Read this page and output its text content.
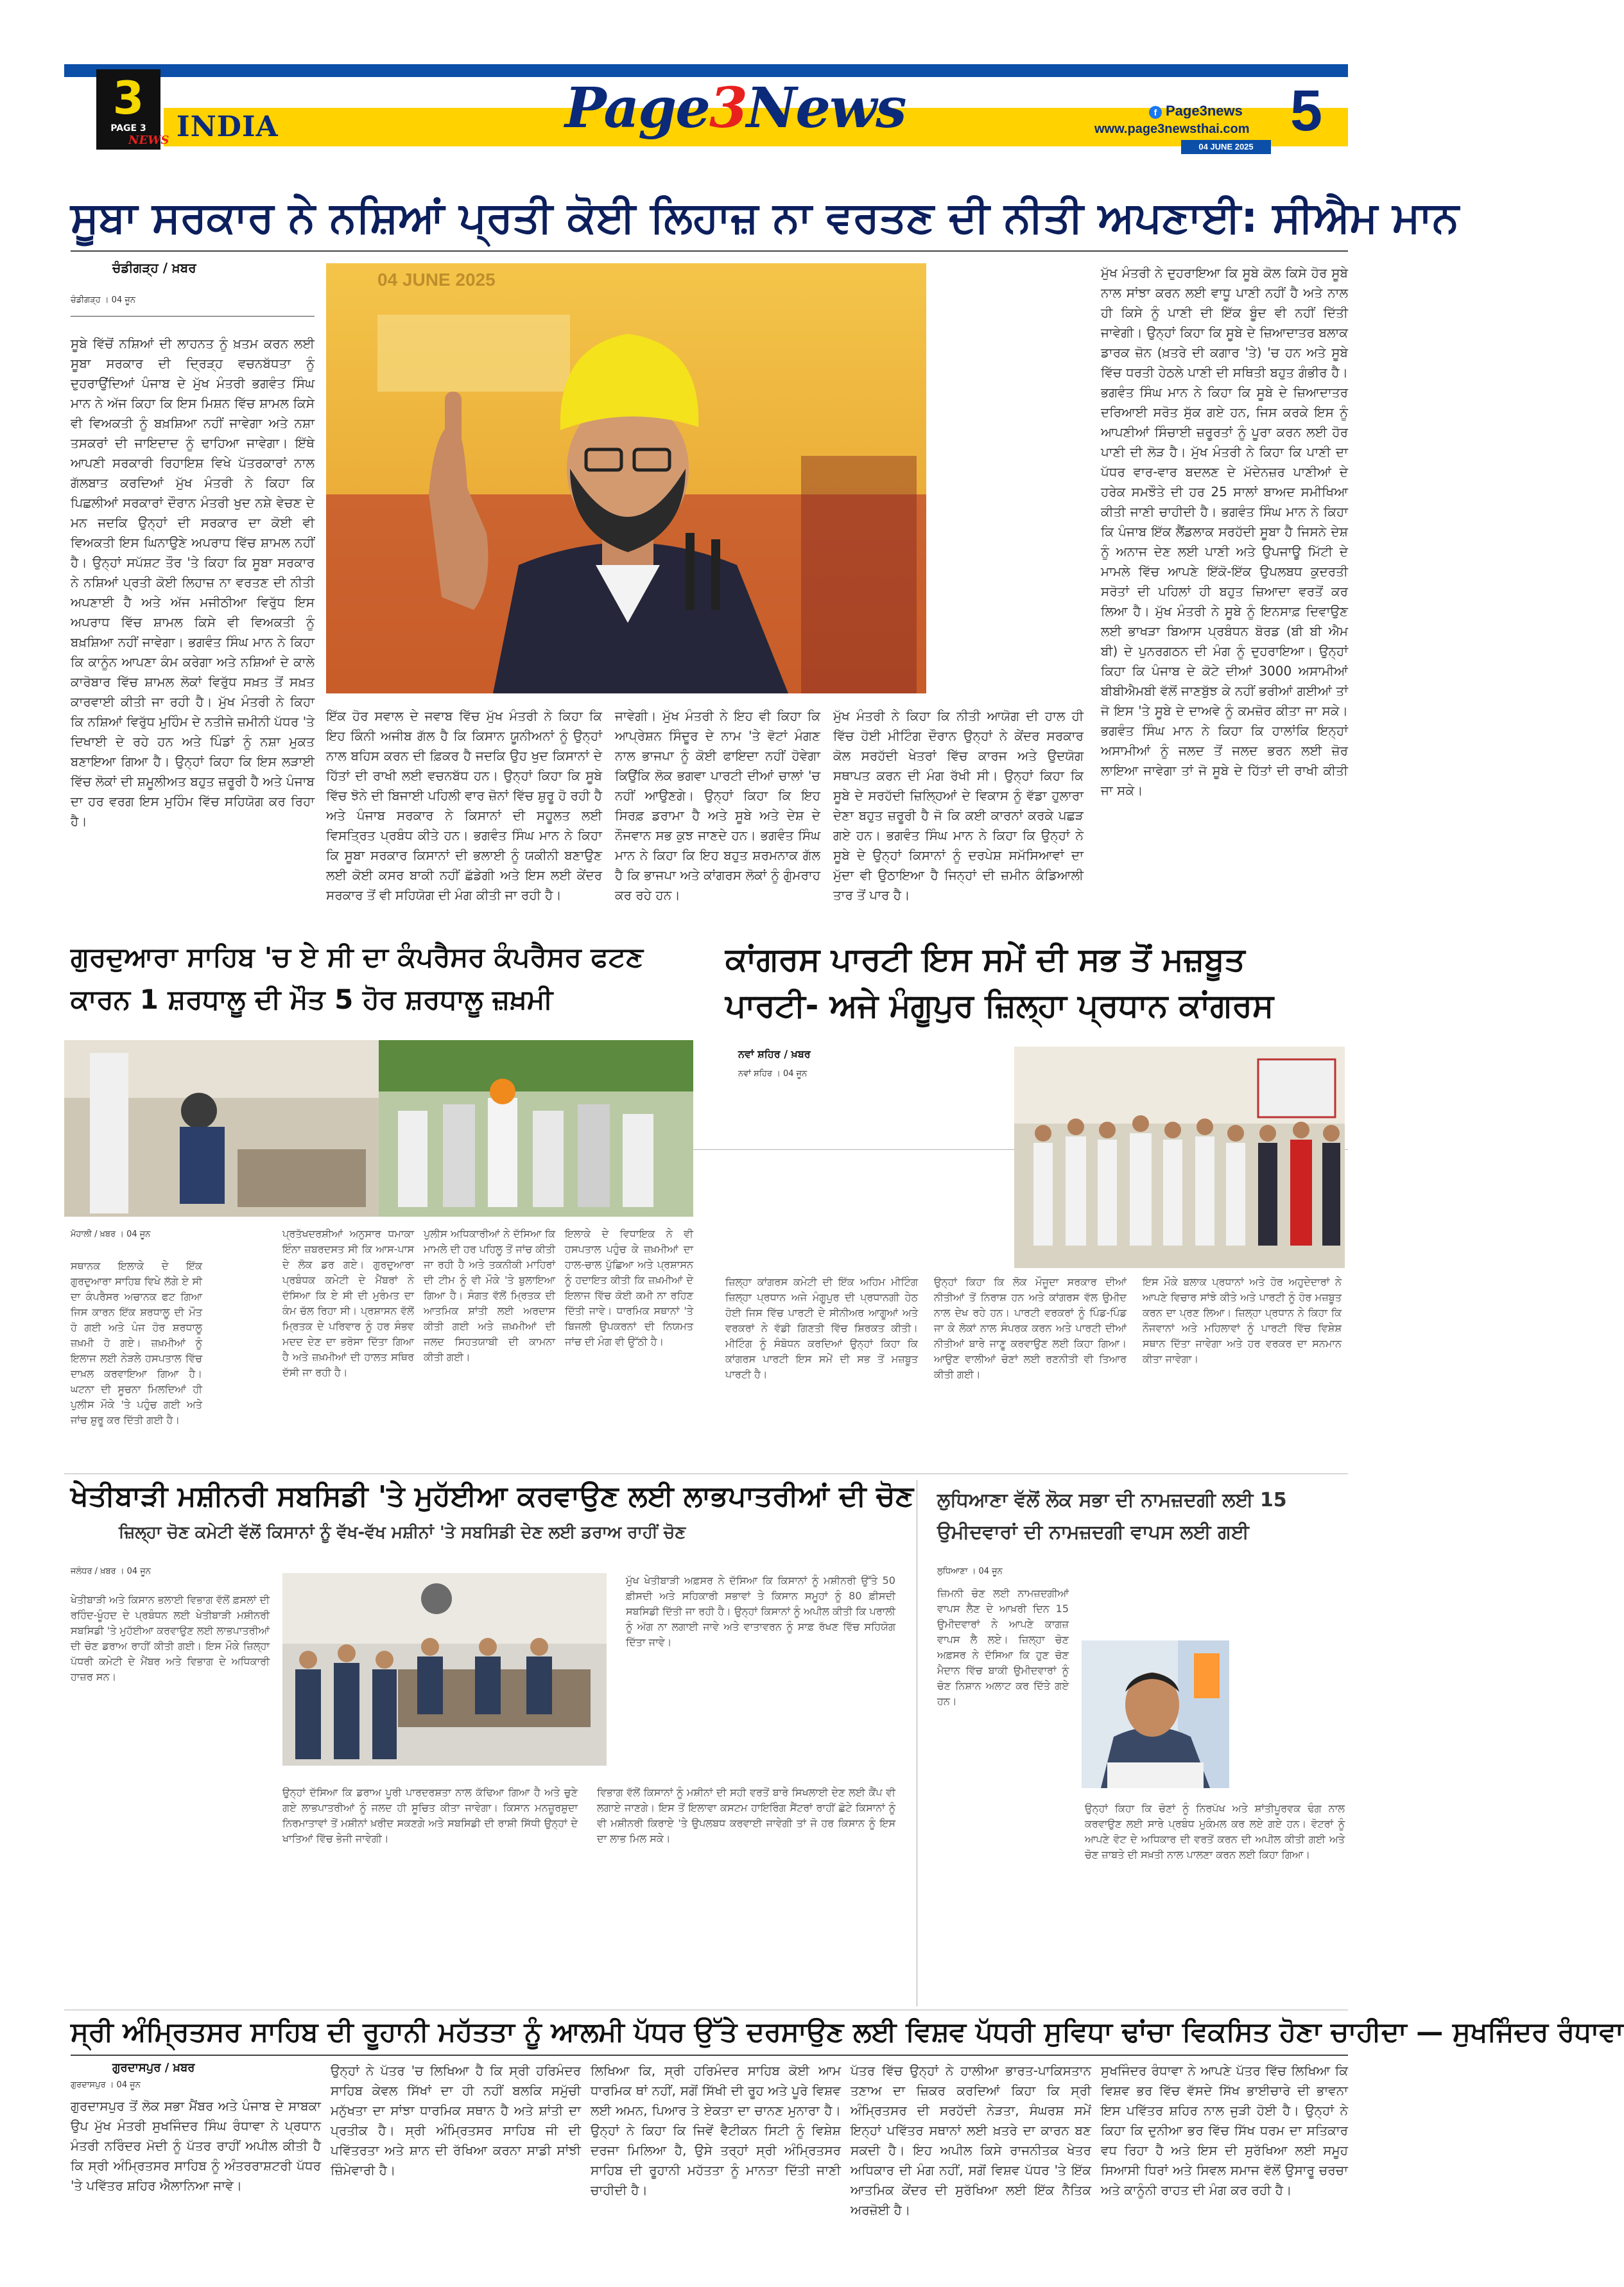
3
PAGE 3
NEWS INDIA	Page3News	f Page3news
www.page3newsthai.com 5
04 JUNE 2025
ਸੂਬਾ ਸਰਕਾਰ ਨੇ ਨਸ਼ਿਆਂ ਪ੍ਰਤੀ ਕੋਈ ਲਿਹਾਜ਼ ਨਾ ਵਰਤਣ ਦੀ ਨੀਤੀ ਅਪਣਾਈ: ਸੀਐਮ ਮਾਨ
ਚੰਡੀਗੜ੍ਹ / ਖ਼ਬਰ
ਚੰਡੀਗੜ੍ਹ । 04 ਜੂਨ
04 JUNE 2025
ਸੂਬੇ ਵਿੱਚੋਂ ਨਸ਼ਿਆਂ ਦੀ ਲਾਹਨਤ ਨੂੰ ਖ਼ਤਮ ਕਰਨ ਲਈ ਸੂਬਾ ਸਰਕਾਰ ਦੀ ਦ੍ਰਿੜ੍ਹ ਵਚਨਬੱਧਤਾ ਨੂੰ ਦੁਹਰਾਉਂਦਿਆਂ ਪੰਜਾਬ ਦੇ ਮੁੱਖ ਮੰਤਰੀ ਭਗਵੰਤ ਸਿੰਘ ਮਾਨ ਨੇ ਅੱਜ ਕਿਹਾ ਕਿ ਇਸ ਮਿਸ਼ਨ ਵਿੱਚ ਸ਼ਾਮਲ ਕਿਸੇ ਵੀ ਵਿਅਕਤੀ ਨੂੰ ਬਖ਼ਸ਼ਿਆ ਨਹੀਂ ਜਾਵੇਗਾ ਅਤੇ ਨਸ਼ਾ ਤਸਕਰਾਂ ਦੀ ਜਾਇਦਾਦ ਨੂੰ ਢਾਹਿਆ ਜਾਵੇਗਾ। ਇੱਥੇ ਆਪਣੀ ਸਰਕਾਰੀ ਰਿਹਾਇਸ਼ ਵਿਖੇ ਪੱਤਰਕਾਰਾਂ ਨਾਲ ਗੱਲਬਾਤ ਕਰਦਿਆਂ ਮੁੱਖ ਮੰਤਰੀ ਨੇ ਕਿਹਾ ਕਿ ਪਿਛਲੀਆਂ ਸਰਕਾਰਾਂ ਦੌਰਾਨ ਮੰਤਰੀ ਖੁਦ ਨਸ਼ੇ ਵੇਚਣ ਦੇ ਮਨ ਜਦਕਿ ਉਨ੍ਹਾਂ ਦੀ ਸਰਕਾਰ ਦਾ ਕੋਈ ਵੀ ਵਿਅਕਤੀ ਇਸ ਘਿਨਾਉਣੇ ਅਪਰਾਧ ਵਿੱਚ ਸ਼ਾਮਲ ਨਹੀਂ ਹੈ। ਉਨ੍ਹਾਂ ਸਪੱਸ਼ਟ ਤੌਰ 'ਤੇ ਕਿਹਾ ਕਿ ਸੂਬਾ ਸਰਕਾਰ ਨੇ ਨਸ਼ਿਆਂ ਪ੍ਰਤੀ ਕੋਈ ਲਿਹਾਜ਼ ਨਾ ਵਰਤਣ ਦੀ ਨੀਤੀ ਅਪਣਾਈ ਹੈ ਅਤੇ ਅੱਜ ਮਜੀਠੀਆ ਵਿਰੁੱਧ ਇਸ ਅਪਰਾਧ ਵਿੱਚ ਸ਼ਾਮਲ ਕਿਸੇ ਵੀ ਵਿਅਕਤੀ ਨੂੰ ਬਖ਼ਸ਼ਿਆ ਨਹੀਂ ਜਾਵੇਗਾ। ਭਗਵੰਤ ਸਿੰਘ ਮਾਨ ਨੇ ਕਿਹਾ ਕਿ ਕਾਨੂੰਨ ਆਪਣਾ ਕੰਮ ਕਰੇਗਾ ਅਤੇ ਨਸ਼ਿਆਂ ਦੇ ਕਾਲੇ ਕਾਰੋਬਾਰ ਵਿੱਚ ਸ਼ਾਮਲ ਲੋਕਾਂ ਵਿਰੁੱਧ ਸਖ਼ਤ ਤੋਂ ਸਖ਼ਤ ਕਾਰਵਾਈ ਕੀਤੀ ਜਾ ਰਹੀ ਹੈ। ਮੁੱਖ ਮੰਤਰੀ ਨੇ ਕਿਹਾ ਕਿ ਨਸ਼ਿਆਂ ਵਿਰੁੱਧ ਮੁਹਿੰਮ ਦੇ ਨਤੀਜੇ ਜ਼ਮੀਨੀ ਪੱਧਰ 'ਤੇ ਦਿਖਾਈ ਦੇ ਰਹੇ ਹਨ ਅਤੇ ਪਿੰਡਾਂ ਨੂੰ ਨਸ਼ਾ ਮੁਕਤ ਬਣਾਇਆ ਗਿਆ ਹੈ। ਉਨ੍ਹਾਂ ਕਿਹਾ ਕਿ ਇਸ ਲੜਾਈ ਵਿੱਚ ਲੋਕਾਂ ਦੀ ਸ਼ਮੂਲੀਅਤ ਬਹੁਤ ਜ਼ਰੂਰੀ ਹੈ ਅਤੇ ਪੰਜਾਬ ਦਾ ਹਰ ਵਰਗ ਇਸ ਮੁਹਿੰਮ ਵਿੱਚ ਸਹਿਯੋਗ ਕਰ ਰਿਹਾ ਹੈ।
ਇੱਕ ਹੋਰ ਸਵਾਲ ਦੇ ਜਵਾਬ ਵਿੱਚ ਮੁੱਖ ਮੰਤਰੀ ਨੇ ਕਿਹਾ ਕਿ ਇਹ ਕਿੰਨੀ ਅਜੀਬ ਗੱਲ ਹੈ ਕਿ ਕਿਸਾਨ ਯੂਨੀਅਨਾਂ ਨੂੰ ਉਨ੍ਹਾਂ ਨਾਲ ਬਹਿਸ ਕਰਨ ਦੀ ਫ਼ਿਕਰ ਹੈ ਜਦਕਿ ਉਹ ਖੁਦ ਕਿਸਾਨਾਂ ਦੇ ਹਿੱਤਾਂ ਦੀ ਰਾਖੀ ਲਈ ਵਚਨਬੱਧ ਹਨ। ਉਨ੍ਹਾਂ ਕਿਹਾ ਕਿ ਸੂਬੇ ਵਿੱਚ ਝੋਨੇ ਦੀ ਬਿਜਾਈ ਪਹਿਲੀ ਵਾਰ ਜ਼ੋਨਾਂ ਵਿੱਚ ਸ਼ੁਰੂ ਹੋ ਰਹੀ ਹੈ ਅਤੇ ਪੰਜਾਬ ਸਰਕਾਰ ਨੇ ਕਿਸਾਨਾਂ ਦੀ ਸਹੂਲਤ ਲਈ ਵਿਸਤ੍ਰਿਤ ਪ੍ਰਬੰਧ ਕੀਤੇ ਹਨ। ਭਗਵੰਤ ਸਿੰਘ ਮਾਨ ਨੇ ਕਿਹਾ ਕਿ ਸੂਬਾ ਸਰਕਾਰ ਕਿਸਾਨਾਂ ਦੀ ਭਲਾਈ ਨੂੰ ਯਕੀਨੀ ਬਣਾਉਣ ਲਈ ਕੋਈ ਕਸਰ ਬਾਕੀ ਨਹੀਂ ਛੱਡੇਗੀ ਅਤੇ ਇਸ ਲਈ ਕੇਂਦਰ ਸਰਕਾਰ ਤੋਂ ਵੀ ਸਹਿਯੋਗ ਦੀ ਮੰਗ ਕੀਤੀ ਜਾ ਰਹੀ ਹੈ।
ਜਾਵੇਗੀ। ਮੁੱਖ ਮੰਤਰੀ ਨੇ ਇਹ ਵੀ ਕਿਹਾ ਕਿ ਆਪ੍ਰੇਸ਼ਨ ਸਿੰਦੂਰ ਦੇ ਨਾਮ 'ਤੇ ਵੋਟਾਂ ਮੰਗਣ ਨਾਲ ਭਾਜਪਾ ਨੂੰ ਕੋਈ ਫਾਇਦਾ ਨਹੀਂ ਹੋਵੇਗਾ ਕਿਉਂਕਿ ਲੋਕ ਭਗਵਾ ਪਾਰਟੀ ਦੀਆਂ ਚਾਲਾਂ 'ਚ ਨਹੀਂ ਆਉਣਗੇ। ਉਨ੍ਹਾਂ ਕਿਹਾ ਕਿ ਇਹ ਸਿਰਫ਼ ਡਰਾਮਾ ਹੈ ਅਤੇ ਸੂਬੇ ਅਤੇ ਦੇਸ਼ ਦੇ ਨੌਜਵਾਨ ਸਭ ਕੁਝ ਜਾਣਦੇ ਹਨ। ਭਗਵੰਤ ਸਿੰਘ ਮਾਨ ਨੇ ਕਿਹਾ ਕਿ ਇਹ ਬਹੁਤ ਸ਼ਰਮਨਾਕ ਗੱਲ ਹੈ ਕਿ ਭਾਜਪਾ ਅਤੇ ਕਾਂਗਰਸ ਲੋਕਾਂ ਨੂੰ ਗੁੰਮਰਾਹ ਕਰ ਰਹੇ ਹਨ।
ਮੁੱਖ ਮੰਤਰੀ ਨੇ ਕਿਹਾ ਕਿ ਨੀਤੀ ਆਯੋਗ ਦੀ ਹਾਲ ਹੀ ਵਿੱਚ ਹੋਈ ਮੀਟਿੰਗ ਦੌਰਾਨ ਉਨ੍ਹਾਂ ਨੇ ਕੇਂਦਰ ਸਰਕਾਰ ਕੋਲ ਸਰਹੱਦੀ ਖੇਤਰਾਂ ਵਿੱਚ ਕਾਰਜ ਅਤੇ ਉਦਯੋਗ ਸਥਾਪਤ ਕਰਨ ਦੀ ਮੰਗ ਰੱਖੀ ਸੀ। ਉਨ੍ਹਾਂ ਕਿਹਾ ਕਿ ਸੂਬੇ ਦੇ ਸਰਹੱਦੀ ਜ਼ਿਲ੍ਹਿਆਂ ਦੇ ਵਿਕਾਸ ਨੂੰ ਵੱਡਾ ਹੁਲਾਰਾ ਦੇਣਾ ਬਹੁਤ ਜ਼ਰੂਰੀ ਹੈ ਜੋ ਕਿ ਕਈ ਕਾਰਨਾਂ ਕਰਕੇ ਪਛੜ ਗਏ ਹਨ। ਭਗਵੰਤ ਸਿੰਘ ਮਾਨ ਨੇ ਕਿਹਾ ਕਿ ਉਨ੍ਹਾਂ ਨੇ ਸੂਬੇ ਦੇ ਉਨ੍ਹਾਂ ਕਿਸਾਨਾਂ ਨੂੰ ਦਰਪੇਸ਼ ਸਮੱਸਿਆਵਾਂ ਦਾ ਮੁੱਦਾ ਵੀ ਉਠਾਇਆ ਹੈ ਜਿਨ੍ਹਾਂ ਦੀ ਜ਼ਮੀਨ ਕੰਡਿਆਲੀ ਤਾਰ ਤੋਂ ਪਾਰ ਹੈ।
ਮੁੱਖ ਮੰਤਰੀ ਨੇ ਦੁਹਰਾਇਆ ਕਿ ਸੂਬੇ ਕੋਲ ਕਿਸੇ ਹੋਰ ਸੂਬੇ ਨਾਲ ਸਾਂਝਾ ਕਰਨ ਲਈ ਵਾਧੂ ਪਾਣੀ ਨਹੀਂ ਹੈ ਅਤੇ ਨਾਲ ਹੀ ਕਿਸੇ ਨੂੰ ਪਾਣੀ ਦੀ ਇੱਕ ਬੂੰਦ ਵੀ ਨਹੀਂ ਦਿੱਤੀ ਜਾਵੇਗੀ। ਉਨ੍ਹਾਂ ਕਿਹਾ ਕਿ ਸੂਬੇ ਦੇ ਜ਼ਿਆਦਾਤਰ ਬਲਾਕ ਡਾਰਕ ਜ਼ੋਨ (ਖ਼ਤਰੇ ਦੀ ਕਗਾਰ 'ਤੇ) 'ਚ ਹਨ ਅਤੇ ਸੂਬੇ ਵਿੱਚ ਧਰਤੀ ਹੇਠਲੇ ਪਾਣੀ ਦੀ ਸਥਿਤੀ ਬਹੁਤ ਗੰਭੀਰ ਹੈ। ਭਗਵੰਤ ਸਿੰਘ ਮਾਨ ਨੇ ਕਿਹਾ ਕਿ ਸੂਬੇ ਦੇ ਜ਼ਿਆਦਾਤਰ ਦਰਿਆਈ ਸਰੋਤ ਸੁੱਕ ਗਏ ਹਨ, ਜਿਸ ਕਰਕੇ ਇਸ ਨੂੰ ਆਪਣੀਆਂ ਸਿੰਚਾਈ ਜ਼ਰੂਰਤਾਂ ਨੂੰ ਪੂਰਾ ਕਰਨ ਲਈ ਹੋਰ ਪਾਣੀ ਦੀ ਲੋੜ ਹੈ। ਮੁੱਖ ਮੰਤਰੀ ਨੇ ਕਿਹਾ ਕਿ ਪਾਣੀ ਦਾ ਪੱਧਰ ਵਾਰ-ਵਾਰ ਬਦਲਣ ਦੇ ਮੱਦੇਨਜ਼ਰ ਪਾਣੀਆਂ ਦੇ ਹਰੇਕ ਸਮਝੌਤੇ ਦੀ ਹਰ 25 ਸਾਲਾਂ ਬਾਅਦ ਸਮੀਖਿਆ ਕੀਤੀ ਜਾਣੀ ਚਾਹੀਦੀ ਹੈ। ਭਗਵੰਤ ਸਿੰਘ ਮਾਨ ਨੇ ਕਿਹਾ ਕਿ ਪੰਜਾਬ ਇੱਕ ਲੈਂਡਲਾਕ ਸਰਹੱਦੀ ਸੂਬਾ ਹੈ ਜਿਸਨੇ ਦੇਸ਼ ਨੂੰ ਅਨਾਜ ਦੇਣ ਲਈ ਪਾਣੀ ਅਤੇ ਉਪਜਾਊ ਮਿੱਟੀ ਦੇ ਮਾਮਲੇ ਵਿੱਚ ਆਪਣੇ ਇੱਕੋ-ਇੱਕ ਉਪਲਬਧ ਕੁਦਰਤੀ ਸਰੋਤਾਂ ਦੀ ਪਹਿਲਾਂ ਹੀ ਬਹੁਤ ਜ਼ਿਆਦਾ ਵਰਤੋਂ ਕਰ ਲਿਆ ਹੈ। ਮੁੱਖ ਮੰਤਰੀ ਨੇ ਸੂਬੇ ਨੂੰ ਇਨਸਾਫ਼ ਦਿਵਾਉਣ ਲਈ ਭਾਖੜਾ ਬਿਆਸ ਪ੍ਰਬੰਧਨ ਬੋਰਡ (ਬੀ ਬੀ ਐਮ ਬੀ) ਦੇ ਪੁਨਰਗਠਨ ਦੀ ਮੰਗ ਨੂੰ ਦੁਹਰਾਇਆ। ਉਨ੍ਹਾਂ ਕਿਹਾ ਕਿ ਪੰਜਾਬ ਦੇ ਕੋਟੇ ਦੀਆਂ 3000 ਅਸਾਮੀਆਂ ਬੀਬੀਐਮਬੀ ਵੱਲੋਂ ਜਾਣਬੁੱਝ ਕੇ ਨਹੀਂ ਭਰੀਆਂ ਗਈਆਂ ਤਾਂ ਜੋ ਇਸ 'ਤੇ ਸੂਬੇ ਦੇ ਦਾਅਵੇ ਨੂੰ ਕਮਜ਼ੋਰ ਕੀਤਾ ਜਾ ਸਕੇ। ਭਗਵੰਤ ਸਿੰਘ ਮਾਨ ਨੇ ਕਿਹਾ ਕਿ ਹਾਲਾਂਕਿ ਇਨ੍ਹਾਂ ਅਸਾਮੀਆਂ ਨੂੰ ਜਲਦ ਤੋਂ ਜਲਦ ਭਰਨ ਲਈ ਜ਼ੋਰ ਲਾਇਆ ਜਾਵੇਗਾ ਤਾਂ ਜੋ ਸੂਬੇ ਦੇ ਹਿੱਤਾਂ ਦੀ ਰਾਖੀ ਕੀਤੀ ਜਾ ਸਕੇ।
ਗੁਰਦੁਆਰਾ ਸਾਹਿਬ 'ਚ ਏ ਸੀ ਦਾ ਕੰਪਰੈਸਰ ਕੰਪਰੈਸਰ ਫਟਣ ਕਾਰਨ 1 ਸ਼ਰਧਾਲੂ ਦੀ ਮੌਤ 5 ਹੋਰ ਸ਼ਰਧਾਲੂ ਜ਼ਖ਼ਮੀ
ਮੋਹਾਲੀ / ਖ਼ਬਰ । 04 ਜੂਨ
ਸਥਾਨਕ ਇਲਾਕੇ ਦੇ ਇੱਕ ਗੁਰਦੁਆਰਾ ਸਾਹਿਬ ਵਿਖੇ ਲੱਗੇ ਏ ਸੀ ਦਾ ਕੰਪਰੈਸਰ ਅਚਾਨਕ ਫਟ ਗਿਆ ਜਿਸ ਕਾਰਨ ਇੱਕ ਸ਼ਰਧਾਲੂ ਦੀ ਮੌਤ ਹੋ ਗਈ ਅਤੇ ਪੰਜ ਹੋਰ ਸ਼ਰਧਾਲੂ ਜ਼ਖ਼ਮੀ ਹੋ ਗਏ। ਜ਼ਖ਼ਮੀਆਂ ਨੂੰ ਇਲਾਜ ਲਈ ਨੇੜਲੇ ਹਸਪਤਾਲ ਵਿੱਚ ਦਾਖ਼ਲ ਕਰਵਾਇਆ ਗਿਆ ਹੈ। ਘਟਨਾ ਦੀ ਸੂਚਨਾ ਮਿਲਦਿਆਂ ਹੀ ਪੁਲੀਸ ਮੌਕੇ 'ਤੇ ਪਹੁੰਚ ਗਈ ਅਤੇ ਜਾਂਚ ਸ਼ੁਰੂ ਕਰ ਦਿੱਤੀ ਗਈ ਹੈ।
ਪ੍ਰਤੱਖਦਰਸ਼ੀਆਂ ਅਨੁਸਾਰ ਧਮਾਕਾ ਇੰਨਾ ਜ਼ਬਰਦਸਤ ਸੀ ਕਿ ਆਸ-ਪਾਸ ਦੇ ਲੋਕ ਡਰ ਗਏ। ਗੁਰਦੁਆਰਾ ਪ੍ਰਬੰਧਕ ਕਮੇਟੀ ਦੇ ਮੈਂਬਰਾਂ ਨੇ ਦੱਸਿਆ ਕਿ ਏ ਸੀ ਦੀ ਮੁਰੰਮਤ ਦਾ ਕੰਮ ਚੱਲ ਰਿਹਾ ਸੀ। ਪ੍ਰਸ਼ਾਸਨ ਵੱਲੋਂ ਮ੍ਰਿਤਕ ਦੇ ਪਰਿਵਾਰ ਨੂੰ ਹਰ ਸੰਭਵ ਮਦਦ ਦੇਣ ਦਾ ਭਰੋਸਾ ਦਿੱਤਾ ਗਿਆ ਹੈ ਅਤੇ ਜ਼ਖ਼ਮੀਆਂ ਦੀ ਹਾਲਤ ਸਥਿਰ ਦੱਸੀ ਜਾ ਰਹੀ ਹੈ।
ਪੁਲੀਸ ਅਧਿਕਾਰੀਆਂ ਨੇ ਦੱਸਿਆ ਕਿ ਮਾਮਲੇ ਦੀ ਹਰ ਪਹਿਲੂ ਤੋਂ ਜਾਂਚ ਕੀਤੀ ਜਾ ਰਹੀ ਹੈ ਅਤੇ ਤਕਨੀਕੀ ਮਾਹਿਰਾਂ ਦੀ ਟੀਮ ਨੂੰ ਵੀ ਮੌਕੇ 'ਤੇ ਬੁਲਾਇਆ ਗਿਆ ਹੈ। ਸੰਗਤ ਵੱਲੋਂ ਮ੍ਰਿਤਕ ਦੀ ਆਤਮਿਕ ਸ਼ਾਂਤੀ ਲਈ ਅਰਦਾਸ ਕੀਤੀ ਗਈ ਅਤੇ ਜ਼ਖ਼ਮੀਆਂ ਦੀ ਜਲਦ ਸਿਹਤਯਾਬੀ ਦੀ ਕਾਮਨਾ ਕੀਤੀ ਗਈ।
ਇਲਾਕੇ ਦੇ ਵਿਧਾਇਕ ਨੇ ਵੀ ਹਸਪਤਾਲ ਪਹੁੰਚ ਕੇ ਜ਼ਖ਼ਮੀਆਂ ਦਾ ਹਾਲ-ਚਾਲ ਪੁੱਛਿਆ ਅਤੇ ਪ੍ਰਸ਼ਾਸਨ ਨੂੰ ਹਦਾਇਤ ਕੀਤੀ ਕਿ ਜ਼ਖ਼ਮੀਆਂ ਦੇ ਇਲਾਜ ਵਿੱਚ ਕੋਈ ਕਮੀ ਨਾ ਰਹਿਣ ਦਿੱਤੀ ਜਾਵੇ। ਧਾਰਮਿਕ ਸਥਾਨਾਂ 'ਤੇ ਬਿਜਲੀ ਉਪਕਰਨਾਂ ਦੀ ਨਿਯਮਤ ਜਾਂਚ ਦੀ ਮੰਗ ਵੀ ਉੱਠੀ ਹੈ।
ਕਾਂਗਰਸ ਪਾਰਟੀ ਇਸ ਸਮੇਂ ਦੀ ਸਭ ਤੋਂ ਮਜ਼ਬੂਤ ਪਾਰਟੀ- ਅਜੇ ਮੰਗੂਪੁਰ ਜ਼ਿਲ੍ਹਾ ਪ੍ਰਧਾਨ ਕਾਂਗਰਸ
ਨਵਾਂ ਸ਼ਹਿਰ / ਖ਼ਬਰ
ਨਵਾਂ ਸ਼ਹਿਰ । 04 ਜੂਨ
ਜ਼ਿਲ੍ਹਾ ਕਾਂਗਰਸ ਕਮੇਟੀ ਦੀ ਇੱਕ ਅਹਿਮ ਮੀਟਿੰਗ ਜ਼ਿਲ੍ਹਾ ਪ੍ਰਧਾਨ ਅਜੇ ਮੰਗੂਪੁਰ ਦੀ ਪ੍ਰਧਾਨਗੀ ਹੇਠ ਹੋਈ ਜਿਸ ਵਿੱਚ ਪਾਰਟੀ ਦੇ ਸੀਨੀਅਰ ਆਗੂਆਂ ਅਤੇ ਵਰਕਰਾਂ ਨੇ ਵੱਡੀ ਗਿਣਤੀ ਵਿੱਚ ਸ਼ਿਰਕਤ ਕੀਤੀ। ਮੀਟਿੰਗ ਨੂੰ ਸੰਬੋਧਨ ਕਰਦਿਆਂ ਉਨ੍ਹਾਂ ਕਿਹਾ ਕਿ ਕਾਂਗਰਸ ਪਾਰਟੀ ਇਸ ਸਮੇਂ ਦੀ ਸਭ ਤੋਂ ਮਜ਼ਬੂਤ ਪਾਰਟੀ ਹੈ।
ਉਨ੍ਹਾਂ ਕਿਹਾ ਕਿ ਲੋਕ ਮੌਜੂਦਾ ਸਰਕਾਰ ਦੀਆਂ ਨੀਤੀਆਂ ਤੋਂ ਨਿਰਾਸ਼ ਹਨ ਅਤੇ ਕਾਂਗਰਸ ਵੱਲ ਉਮੀਦ ਨਾਲ ਦੇਖ ਰਹੇ ਹਨ। ਪਾਰਟੀ ਵਰਕਰਾਂ ਨੂੰ ਪਿੰਡ-ਪਿੰਡ ਜਾ ਕੇ ਲੋਕਾਂ ਨਾਲ ਸੰਪਰਕ ਕਰਨ ਅਤੇ ਪਾਰਟੀ ਦੀਆਂ ਨੀਤੀਆਂ ਬਾਰੇ ਜਾਣੂ ਕਰਵਾਉਣ ਲਈ ਕਿਹਾ ਗਿਆ। ਆਉਣ ਵਾਲੀਆਂ ਚੋਣਾਂ ਲਈ ਰਣਨੀਤੀ ਵੀ ਤਿਆਰ ਕੀਤੀ ਗਈ।
ਇਸ ਮੌਕੇ ਬਲਾਕ ਪ੍ਰਧਾਨਾਂ ਅਤੇ ਹੋਰ ਅਹੁਦੇਦਾਰਾਂ ਨੇ ਆਪਣੇ ਵਿਚਾਰ ਸਾਂਝੇ ਕੀਤੇ ਅਤੇ ਪਾਰਟੀ ਨੂੰ ਹੋਰ ਮਜ਼ਬੂਤ ਕਰਨ ਦਾ ਪ੍ਰਣ ਲਿਆ। ਜ਼ਿਲ੍ਹਾ ਪ੍ਰਧਾਨ ਨੇ ਕਿਹਾ ਕਿ ਨੌਜਵਾਨਾਂ ਅਤੇ ਮਹਿਲਾਵਾਂ ਨੂੰ ਪਾਰਟੀ ਵਿੱਚ ਵਿਸ਼ੇਸ਼ ਸਥਾਨ ਦਿੱਤਾ ਜਾਵੇਗਾ ਅਤੇ ਹਰ ਵਰਕਰ ਦਾ ਸਨਮਾਨ ਕੀਤਾ ਜਾਵੇਗਾ।
ਖੇਤੀਬਾੜੀ ਮਸ਼ੀਨਰੀ ਸਬਸਿਡੀ 'ਤੇ ਮੁਹੱਈਆ ਕਰਵਾਉਣ ਲਈ ਲਾਭਪਾਤਰੀਆਂ ਦੀ ਚੋਣ
ਜ਼ਿਲ੍ਹਾ ਚੋਣ ਕਮੇਟੀ ਵੱਲੋਂ ਕਿਸਾਨਾਂ ਨੂੰ ਵੱਖ-ਵੱਖ ਮਸ਼ੀਨਾਂ 'ਤੇ ਸਬਸਿਡੀ ਦੇਣ ਲਈ ਡਰਾਅ ਰਾਹੀਂ ਚੋਣ
ਜਲੰਧਰ / ਖ਼ਬਰ । 04 ਜੂਨ
ਖੇਤੀਬਾੜੀ ਅਤੇ ਕਿਸਾਨ ਭਲਾਈ ਵਿਭਾਗ ਵੱਲੋਂ ਫ਼ਸਲਾਂ ਦੀ ਰਹਿੰਦ-ਖੂੰਹਦ ਦੇ ਪ੍ਰਬੰਧਨ ਲਈ ਖੇਤੀਬਾੜੀ ਮਸ਼ੀਨਰੀ ਸਬਸਿਡੀ 'ਤੇ ਮੁਹੱਈਆ ਕਰਵਾਉਣ ਲਈ ਲਾਭਪਾਤਰੀਆਂ ਦੀ ਚੋਣ ਡਰਾਅ ਰਾਹੀਂ ਕੀਤੀ ਗਈ। ਇਸ ਮੌਕੇ ਜ਼ਿਲ੍ਹਾ ਪੱਧਰੀ ਕਮੇਟੀ ਦੇ ਮੈਂਬਰ ਅਤੇ ਵਿਭਾਗ ਦੇ ਅਧਿਕਾਰੀ ਹਾਜ਼ਰ ਸਨ।
ਮੁੱਖ ਖੇਤੀਬਾੜੀ ਅਫ਼ਸਰ ਨੇ ਦੱਸਿਆ ਕਿ ਕਿਸਾਨਾਂ ਨੂੰ ਮਸ਼ੀਨਰੀ ਉੱਤੇ 50 ਫ਼ੀਸਦੀ ਅਤੇ ਸਹਿਕਾਰੀ ਸਭਾਵਾਂ ਤੇ ਕਿਸਾਨ ਸਮੂਹਾਂ ਨੂੰ 80 ਫ਼ੀਸਦੀ ਸਬਸਿਡੀ ਦਿੱਤੀ ਜਾ ਰਹੀ ਹੈ। ਉਨ੍ਹਾਂ ਕਿਸਾਨਾਂ ਨੂੰ ਅਪੀਲ ਕੀਤੀ ਕਿ ਪਰਾਲੀ ਨੂੰ ਅੱਗ ਨਾ ਲਗਾਈ ਜਾਵੇ ਅਤੇ ਵਾਤਾਵਰਨ ਨੂੰ ਸਾਫ਼ ਰੱਖਣ ਵਿੱਚ ਸਹਿਯੋਗ ਦਿੱਤਾ ਜਾਵੇ।
ਉਨ੍ਹਾਂ ਦੱਸਿਆ ਕਿ ਡਰਾਅ ਪੂਰੀ ਪਾਰਦਰਸ਼ਤਾ ਨਾਲ ਕੱਢਿਆ ਗਿਆ ਹੈ ਅਤੇ ਚੁਣੇ ਗਏ ਲਾਭਪਾਤਰੀਆਂ ਨੂੰ ਜਲਦ ਹੀ ਸੂਚਿਤ ਕੀਤਾ ਜਾਵੇਗਾ। ਕਿਸਾਨ ਮਨਜ਼ੂਰਸ਼ੁਦਾ ਨਿਰਮਾਤਾਵਾਂ ਤੋਂ ਮਸ਼ੀਨਾਂ ਖ਼ਰੀਦ ਸਕਣਗੇ ਅਤੇ ਸਬਸਿਡੀ ਦੀ ਰਾਸ਼ੀ ਸਿੱਧੀ ਉਨ੍ਹਾਂ ਦੇ ਖਾਤਿਆਂ ਵਿੱਚ ਭੇਜੀ ਜਾਵੇਗੀ।
ਵਿਭਾਗ ਵੱਲੋਂ ਕਿਸਾਨਾਂ ਨੂੰ ਮਸ਼ੀਨਾਂ ਦੀ ਸਹੀ ਵਰਤੋਂ ਬਾਰੇ ਸਿਖਲਾਈ ਦੇਣ ਲਈ ਕੈਂਪ ਵੀ ਲਗਾਏ ਜਾਣਗੇ। ਇਸ ਤੋਂ ਇਲਾਵਾ ਕਸਟਮ ਹਾਇਰਿੰਗ ਸੈਂਟਰਾਂ ਰਾਹੀਂ ਛੋਟੇ ਕਿਸਾਨਾਂ ਨੂੰ ਵੀ ਮਸ਼ੀਨਰੀ ਕਿਰਾਏ 'ਤੇ ਉਪਲਬਧ ਕਰਵਾਈ ਜਾਵੇਗੀ ਤਾਂ ਜੋ ਹਰ ਕਿਸਾਨ ਨੂੰ ਇਸ ਦਾ ਲਾਭ ਮਿਲ ਸਕੇ।
ਲੁਧਿਆਣਾ ਵੱਲੋਂ ਲੋਕ ਸਭਾ ਦੀ ਨਾਮਜ਼ਦਗੀ ਲਈ 15 ਉਮੀਦਵਾਰਾਂ ਦੀ ਨਾਮਜ਼ਦਗੀ ਵਾਪਸ ਲਈ ਗਈ
ਲੁਧਿਆਣਾ । 04 ਜੂਨ
ਜ਼ਿਮਨੀ ਚੋਣ ਲਈ ਨਾਮਜ਼ਦਗੀਆਂ ਵਾਪਸ ਲੈਣ ਦੇ ਆਖ਼ਰੀ ਦਿਨ 15 ਉਮੀਦਵਾਰਾਂ ਨੇ ਆਪਣੇ ਕਾਗਜ਼ ਵਾਪਸ ਲੈ ਲਏ। ਜ਼ਿਲ੍ਹਾ ਚੋਣ ਅਫ਼ਸਰ ਨੇ ਦੱਸਿਆ ਕਿ ਹੁਣ ਚੋਣ ਮੈਦਾਨ ਵਿੱਚ ਬਾਕੀ ਉਮੀਦਵਾਰਾਂ ਨੂੰ ਚੋਣ ਨਿਸ਼ਾਨ ਅਲਾਟ ਕਰ ਦਿੱਤੇ ਗਏ ਹਨ।
ਉਨ੍ਹਾਂ ਕਿਹਾ ਕਿ ਚੋਣਾਂ ਨੂੰ ਨਿਰਪੱਖ ਅਤੇ ਸ਼ਾਂਤੀਪੂਰਵਕ ਢੰਗ ਨਾਲ ਕਰਵਾਉਣ ਲਈ ਸਾਰੇ ਪ੍ਰਬੰਧ ਮੁਕੰਮਲ ਕਰ ਲਏ ਗਏ ਹਨ। ਵੋਟਰਾਂ ਨੂੰ ਆਪਣੇ ਵੋਟ ਦੇ ਅਧਿਕਾਰ ਦੀ ਵਰਤੋਂ ਕਰਨ ਦੀ ਅਪੀਲ ਕੀਤੀ ਗਈ ਅਤੇ ਚੋਣ ਜ਼ਾਬਤੇ ਦੀ ਸਖ਼ਤੀ ਨਾਲ ਪਾਲਣਾ ਕਰਨ ਲਈ ਕਿਹਾ ਗਿਆ।
ਸ੍ਰੀ ਅੰਮ੍ਰਿਤਸਰ ਸਾਹਿਬ ਦੀ ਰੂਹਾਨੀ ਮਹੱਤਤਾ ਨੂੰ ਆਲਮੀ ਪੱਧਰ ਉੱਤੇ ਦਰਸਾਉਣ ਲਈ ਵਿਸ਼ਵ ਪੱਧਰੀ ਸੁਵਿਧਾ ਢਾਂਚਾ ਵਿਕਸਿਤ ਹੋਣਾ ਚਾਹੀਦਾ — ਸੁਖਜਿੰਦਰ ਰੰਧਾਵਾ
ਗੁਰਦਾਸਪੁਰ / ਖ਼ਬਰ
ਗੁਰਦਾਸਪੁਰ । 04 ਜੂਨ
ਗੁਰਦਾਸਪੁਰ ਤੋਂ ਲੋਕ ਸਭਾ ਮੈਂਬਰ ਅਤੇ ਪੰਜਾਬ ਦੇ ਸਾਬਕਾ ਉਪ ਮੁੱਖ ਮੰਤਰੀ ਸੁਖਜਿੰਦਰ ਸਿੰਘ ਰੰਧਾਵਾ ਨੇ ਪ੍ਰਧਾਨ ਮੰਤਰੀ ਨਰਿੰਦਰ ਮੋਦੀ ਨੂੰ ਪੱਤਰ ਰਾਹੀਂ ਅਪੀਲ ਕੀਤੀ ਹੈ ਕਿ ਸ੍ਰੀ ਅੰਮ੍ਰਿਤਸਰ ਸਾਹਿਬ ਨੂੰ ਅੰਤਰਰਾਸ਼ਟਰੀ ਪੱਧਰ 'ਤੇ ਪਵਿੱਤਰ ਸ਼ਹਿਰ ਐਲਾਨਿਆ ਜਾਵੇ।
ਉਨ੍ਹਾਂ ਨੇ ਪੱਤਰ 'ਚ ਲਿਖਿਆ ਹੈ ਕਿ ਸ੍ਰੀ ਹਰਿਮੰਦਰ ਸਾਹਿਬ ਕੇਵਲ ਸਿੱਖਾਂ ਦਾ ਹੀ ਨਹੀਂ ਬਲਕਿ ਸਮੁੱਚੀ ਮਨੁੱਖਤਾ ਦਾ ਸਾਂਝਾ ਧਾਰਮਿਕ ਸਥਾਨ ਹੈ ਅਤੇ ਸ਼ਾਂਤੀ ਦਾ ਪ੍ਰਤੀਕ ਹੈ। ਸ੍ਰੀ ਅੰਮ੍ਰਿਤਸਰ ਸਾਹਿਬ ਜੀ ਦੀ ਪਵਿੱਤਰਤਾ ਅਤੇ ਸ਼ਾਨ ਦੀ ਰੱਖਿਆ ਕਰਨਾ ਸਾਡੀ ਸਾਂਝੀ ਜ਼ਿੰਮੇਵਾਰੀ ਹੈ।
ਲਿਖਿਆ ਕਿ, ਸ੍ਰੀ ਹਰਿਮੰਦਰ ਸਾਹਿਬ ਕੋਈ ਆਮ ਧਾਰਮਿਕ ਥਾਂ ਨਹੀਂ, ਸਗੋਂ ਸਿੱਖੀ ਦੀ ਰੂਹ ਅਤੇ ਪੂਰੇ ਵਿਸ਼ਵ ਲਈ ਅਮਨ, ਪਿਆਰ ਤੇ ਏਕਤਾ ਦਾ ਚਾਨਣ ਮੁਨਾਰਾ ਹੈ। ਉਨ੍ਹਾਂ ਨੇ ਕਿਹਾ ਕਿ ਜਿਵੇਂ ਵੈਟੀਕਨ ਸਿਟੀ ਨੂੰ ਵਿਸ਼ੇਸ਼ ਦਰਜਾ ਮਿਲਿਆ ਹੈ, ਉਸੇ ਤਰ੍ਹਾਂ ਸ੍ਰੀ ਅੰਮ੍ਰਿਤਸਰ ਸਾਹਿਬ ਦੀ ਰੂਹਾਨੀ ਮਹੱਤਤਾ ਨੂੰ ਮਾਨਤਾ ਦਿੱਤੀ ਜਾਣੀ ਚਾਹੀਦੀ ਹੈ।
ਪੱਤਰ ਵਿੱਚ ਉਨ੍ਹਾਂ ਨੇ ਹਾਲੀਆ ਭਾਰਤ-ਪਾਕਿਸਤਾਨ ਤਣਾਅ ਦਾ ਜ਼ਿਕਰ ਕਰਦਿਆਂ ਕਿਹਾ ਕਿ ਸ੍ਰੀ ਅੰਮ੍ਰਿਤਸਰ ਦੀ ਸਰਹੱਦੀ ਨੇੜਤਾ, ਸੰਘਰਸ਼ ਸਮੇਂ ਇਨ੍ਹਾਂ ਪਵਿੱਤਰ ਸਥਾਨਾਂ ਲਈ ਖ਼ਤਰੇ ਦਾ ਕਾਰਨ ਬਣ ਸਕਦੀ ਹੈ। ਇਹ ਅਪੀਲ ਕਿਸੇ ਰਾਜਨੀਤਕ ਖੇਤਰ ਅਧਿਕਾਰ ਦੀ ਮੰਗ ਨਹੀਂ, ਸਗੋਂ ਵਿਸ਼ਵ ਪੱਧਰ 'ਤੇ ਇੱਕ ਆਤਮਿਕ ਕੇਂਦਰ ਦੀ ਸੁਰੱਖਿਆ ਲਈ ਇੱਕ ਨੈਤਿਕ ਅਰਜ਼ੋਈ ਹੈ।
ਸੁਖਜਿੰਦਰ ਰੰਧਾਵਾ ਨੇ ਆਪਣੇ ਪੱਤਰ ਵਿੱਚ ਲਿਖਿਆ ਕਿ ਵਿਸ਼ਵ ਭਰ ਵਿੱਚ ਵੱਸਦੇ ਸਿੱਖ ਭਾਈਚਾਰੇ ਦੀ ਭਾਵਨਾ ਇਸ ਪਵਿੱਤਰ ਸ਼ਹਿਰ ਨਾਲ ਜੁੜੀ ਹੋਈ ਹੈ। ਉਨ੍ਹਾਂ ਨੇ ਕਿਹਾ ਕਿ ਦੁਨੀਆ ਭਰ ਵਿੱਚ ਸਿੱਖ ਧਰਮ ਦਾ ਸਤਿਕਾਰ ਵਧ ਰਿਹਾ ਹੈ ਅਤੇ ਇਸ ਦੀ ਸੁਰੱਖਿਆ ਲਈ ਸਮੂਹ ਸਿਆਸੀ ਧਿਰਾਂ ਅਤੇ ਸਿਵਲ ਸਮਾਜ ਵੱਲੋਂ ਉਸਾਰੂ ਚਰਚਾ ਅਤੇ ਕਾਨੂੰਨੀ ਰਾਹਤ ਦੀ ਮੰਗ ਕਰ ਰਹੀ ਹੈ।
